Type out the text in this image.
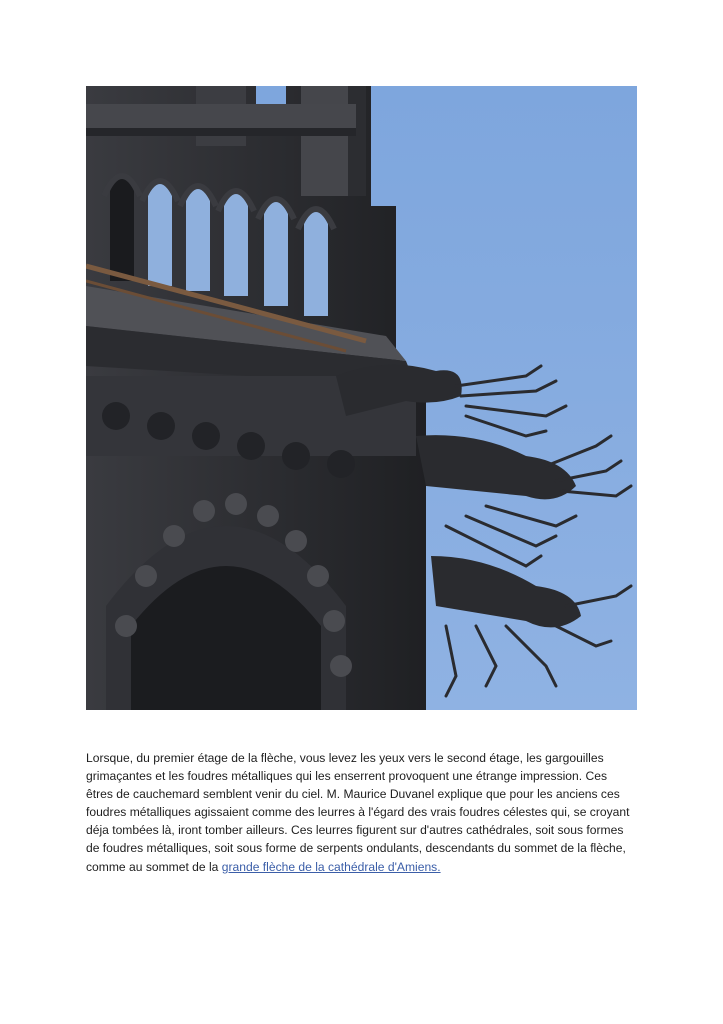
Lorsque, du premier étage de la flèche, vous levez les yeux vers le second étage, les gargouilles
grimaçantes et les foudres métalliques qui les enserrent provoquent une étrange impression. Ces
êtres de cauchemard semblent venir du ciel. M. Maurice Duvanel explique que pour les anciens ces
foudres métalliques agissaient comme des leurres à l'égard des vrais foudres célestes qui, se croyant
déja tombées là, iront tomber ailleurs. Ces leurres figurent sur d'autres cathédrales, soit sous formes
de foudres métalliques, soit sous forme de serpents ondulants, descendants du sommet de la flèche,
comme au sommet de la grande flèche de la cathédrale d'Amiens.
